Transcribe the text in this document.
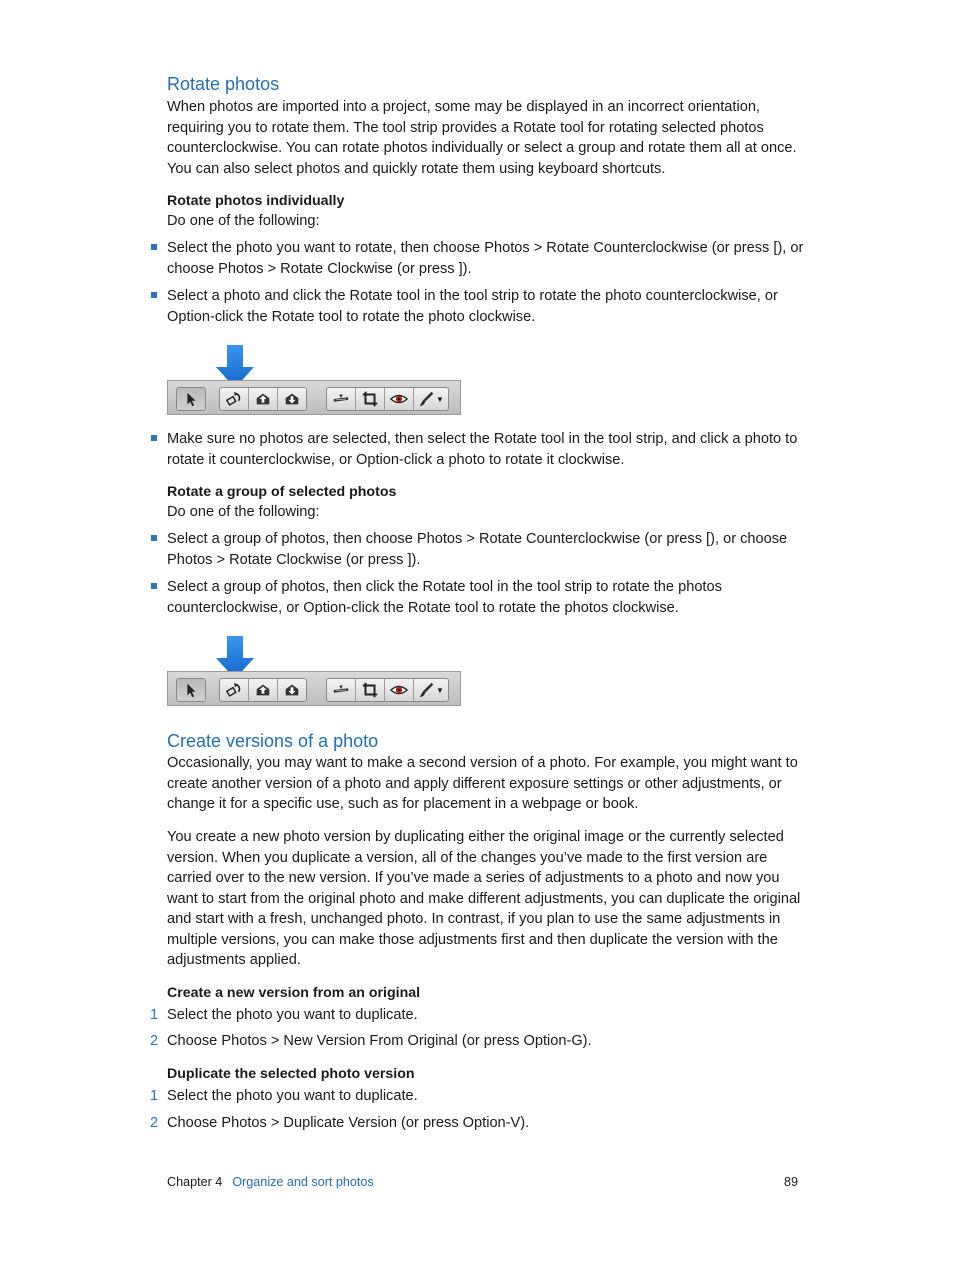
Rotate photos

When photos are imported into a project, some may be displayed in an incorrect orientation, requiring you to rotate them. The tool strip provides a Rotate tool for rotating selected photos counterclockwise. You can rotate photos individually or select a group and rotate them all at once. You can also select photos and quickly rotate them using keyboard shortcuts.

Rotate photos individually

Do one of the following:

Select the photo you want to rotate, then choose Photos > Rotate Counterclockwise (or press [), or choose Photos > Rotate Clockwise (or press ]).

Select a photo and click the Rotate tool in the tool strip to rotate the photo counterclockwise, or Option-click the Rotate tool to rotate the photo clockwise.

▼

Make sure no photos are selected, then select the Rotate tool in the tool strip, and click a photo to rotate it counterclockwise, or Option-click a photo to rotate it clockwise.

Rotate a group of selected photos

Do one of the following:

Select a group of photos, then choose Photos > Rotate Counterclockwise (or press [), or choose Photos > Rotate Clockwise (or press ]).

Select a group of photos, then click the Rotate tool in the tool strip to rotate the photos counterclockwise, or Option-click the Rotate tool to rotate the photos clockwise.

▼
Create versions of a photo

Occasionally, you may want to make a second version of a photo. For example, you might want to create another version of a photo and apply different exposure settings or other adjustments, or change it for a specific use, such as for placement in a webpage or book.

You create a new photo version by duplicating either the original image or the currently selected version. When you duplicate a version, all of the changes you’ve made to the first version are carried over to the new version. If you’ve made a series of adjustments to a photo and now you want to start from the original photo and make different adjustments, you can duplicate the original and start with a fresh, unchanged photo. In contrast, if you plan to use the same adjustments in multiple versions, you can make those adjustments first and then duplicate the version with the adjustments applied.

Create a new version from an original

1 Select the photo you want to duplicate.

2 Choose Photos > New Version From Original (or press Option-G).

Duplicate the selected photo version

1 Select the photo you want to duplicate.

2 Choose Photos > Duplicate Version (or press Option-V).

Chapter 4 Organize and sort photos	89
